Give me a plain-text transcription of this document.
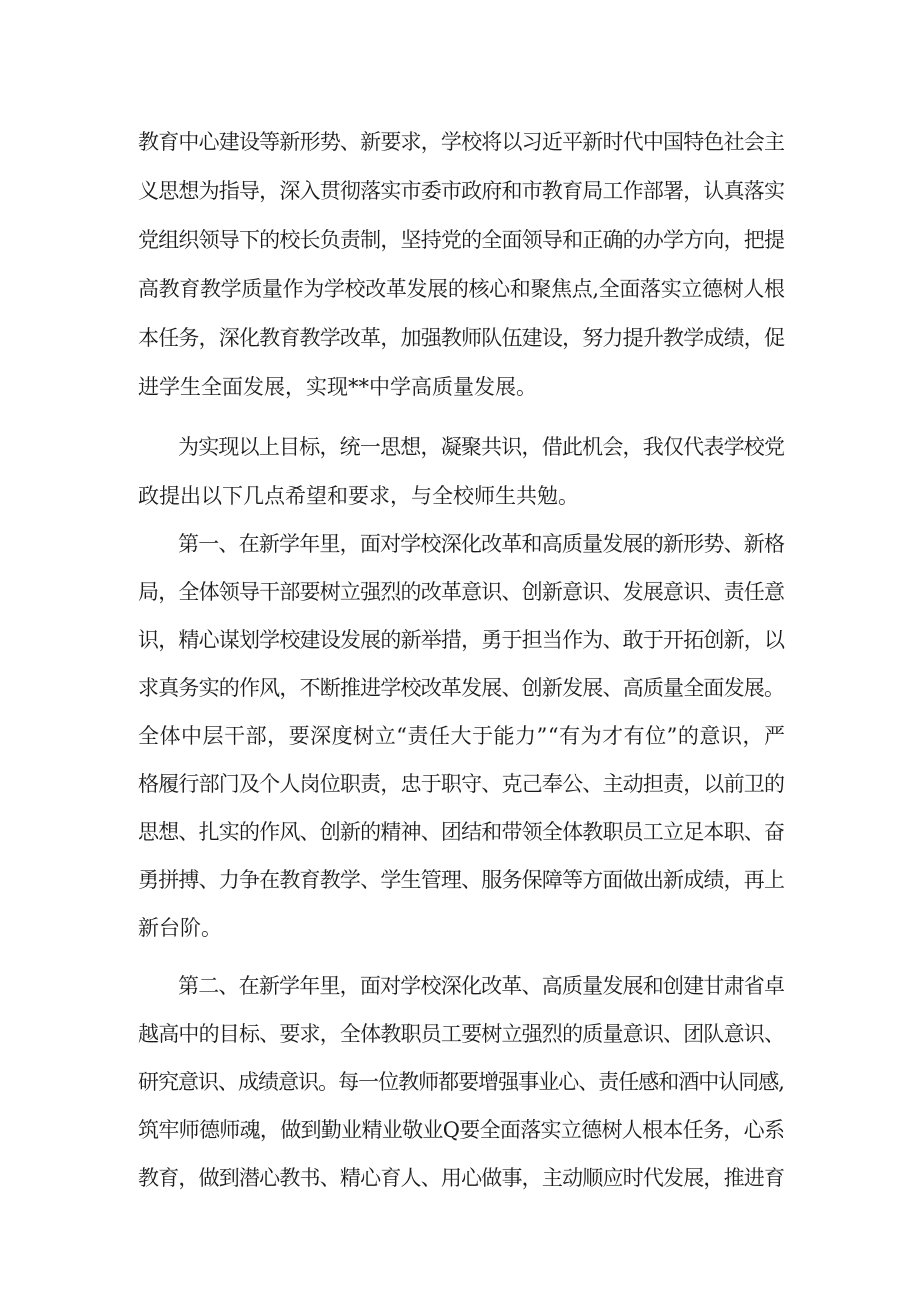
教育中心建设等新形势、新要求，学校将以习近平新时代中国特色社会主
义思想为指导，深入贯彻落实市委市政府和市教育局工作部署，认真落实
党组织领导下的校长负责制，坚持党的全面领导和正确的办学方向，把提
高教育教学质量作为学校改革发展的核心和聚焦点,全面落实立德树人根
本任务，深化教育教学改革，加强教师队伍建设，努力提升教学成绩，促
进学生全面发展，实现**中学高质量发展。
为实现以上目标，统一思想，凝聚共识，借此机会，我仅代表学校党
政提出以下几点希望和要求，与全校师生共勉。
第一、在新学年里，面对学校深化改革和高质量发展的新形势、新格
局，全体领导干部要树立强烈的改革意识、创新意识、发展意识、责任意
识，精心谋划学校建设发展的新举措，勇于担当作为、敢于开拓创新，以
求真务实的作风，不断推进学校改革发展、创新发展、高质量全面发展。
全体中层干部，要深度树立“责任大于能力”“有为才有位”的意识，严
格履行部门及个人岗位职责，忠于职守、克己奉公、主动担责，以前卫的
思想、扎实的作风、创新的精神、团结和带领全体教职员工立足本职、奋
勇拼搏、力争在教育教学、学生管理、服务保障等方面做出新成绩，再上
新台阶。
第二、在新学年里，面对学校深化改革、高质量发展和创建甘肃省卓
越高中的目标、要求，全体教职员工要树立强烈的质量意识、团队意识、
研究意识、成绩意识。每一位教师都要增强事业心、责任感和酒中认同感,
筑牢师德师魂，做到勤业精业敬业Q要全面落实立德树人根本任务，心系
教育，做到潜心教书、精心育人、用心做事，主动顺应时代发展，推进育
